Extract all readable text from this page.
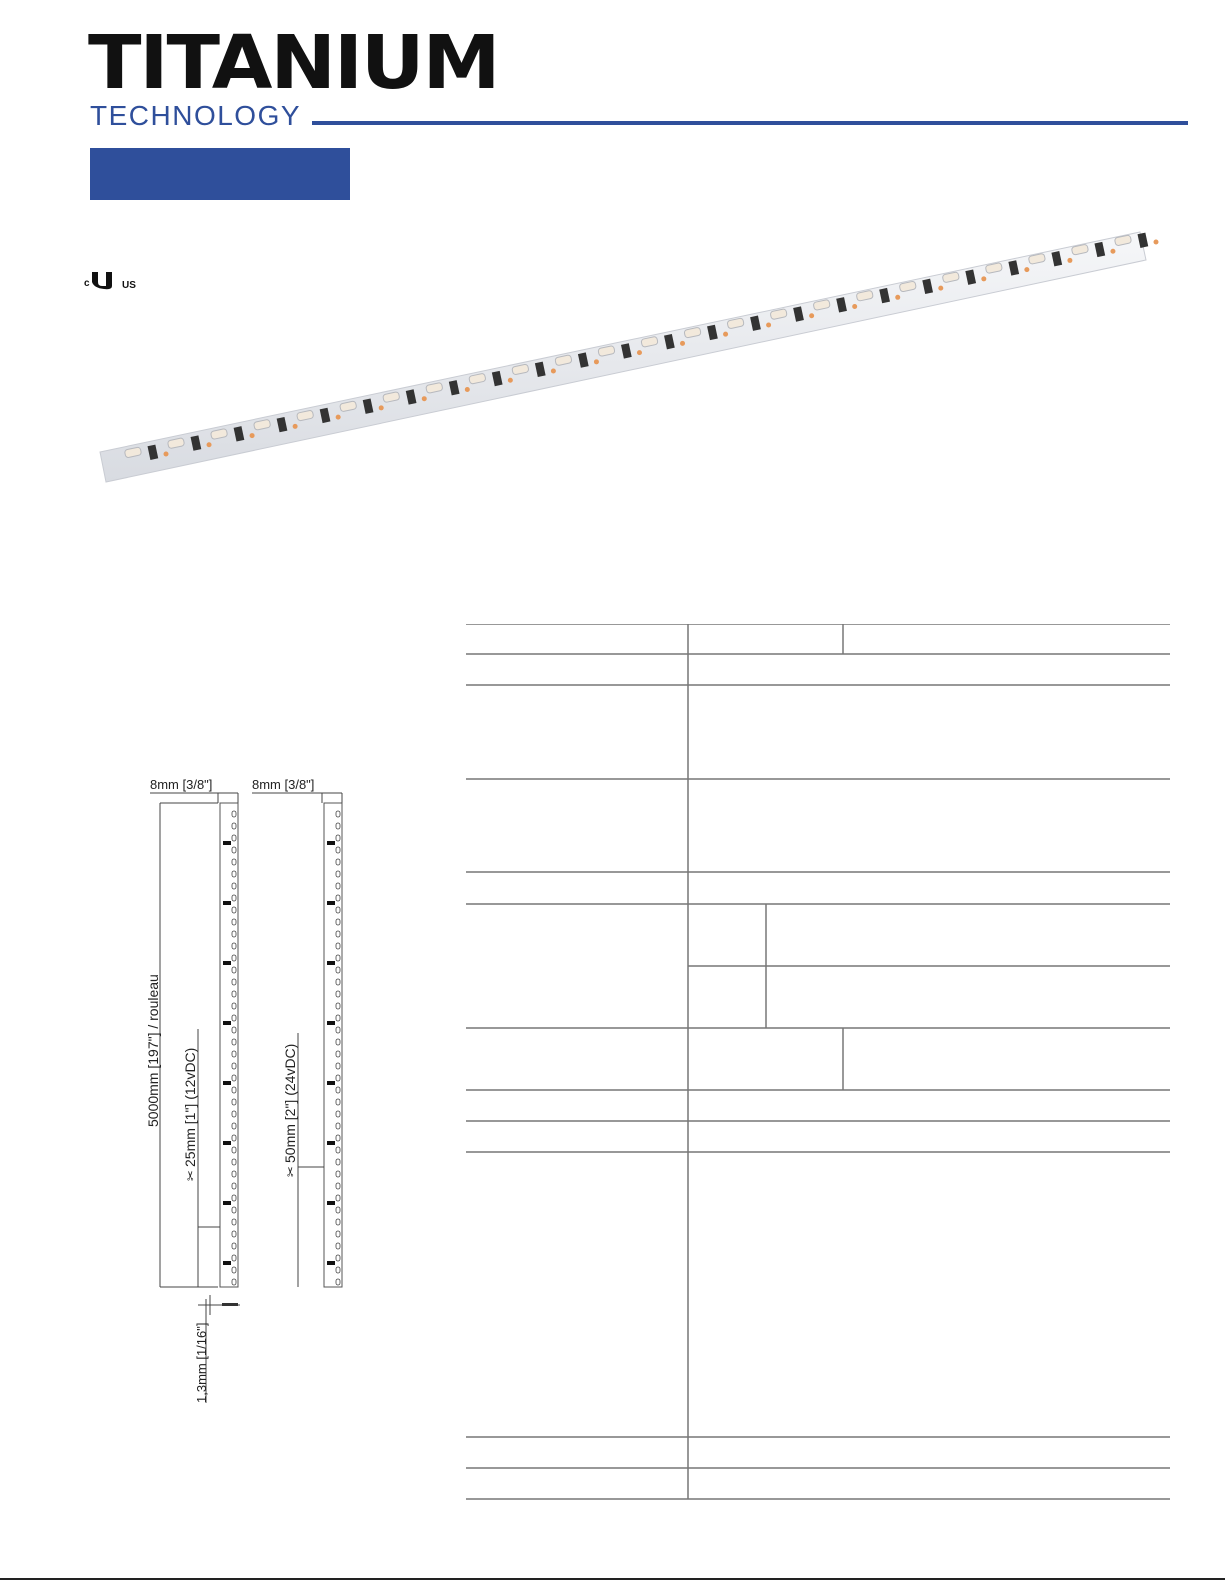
TITANIUM
TECHNOLOGY
c
L
US
8mm [3/8"]	8mm [3/8"]
5000mm [197"] / rouleau 25mm [1"] (12vDC)
✂
50mm [2"] (24vDC)
✂
1,3mm [1/16"]
